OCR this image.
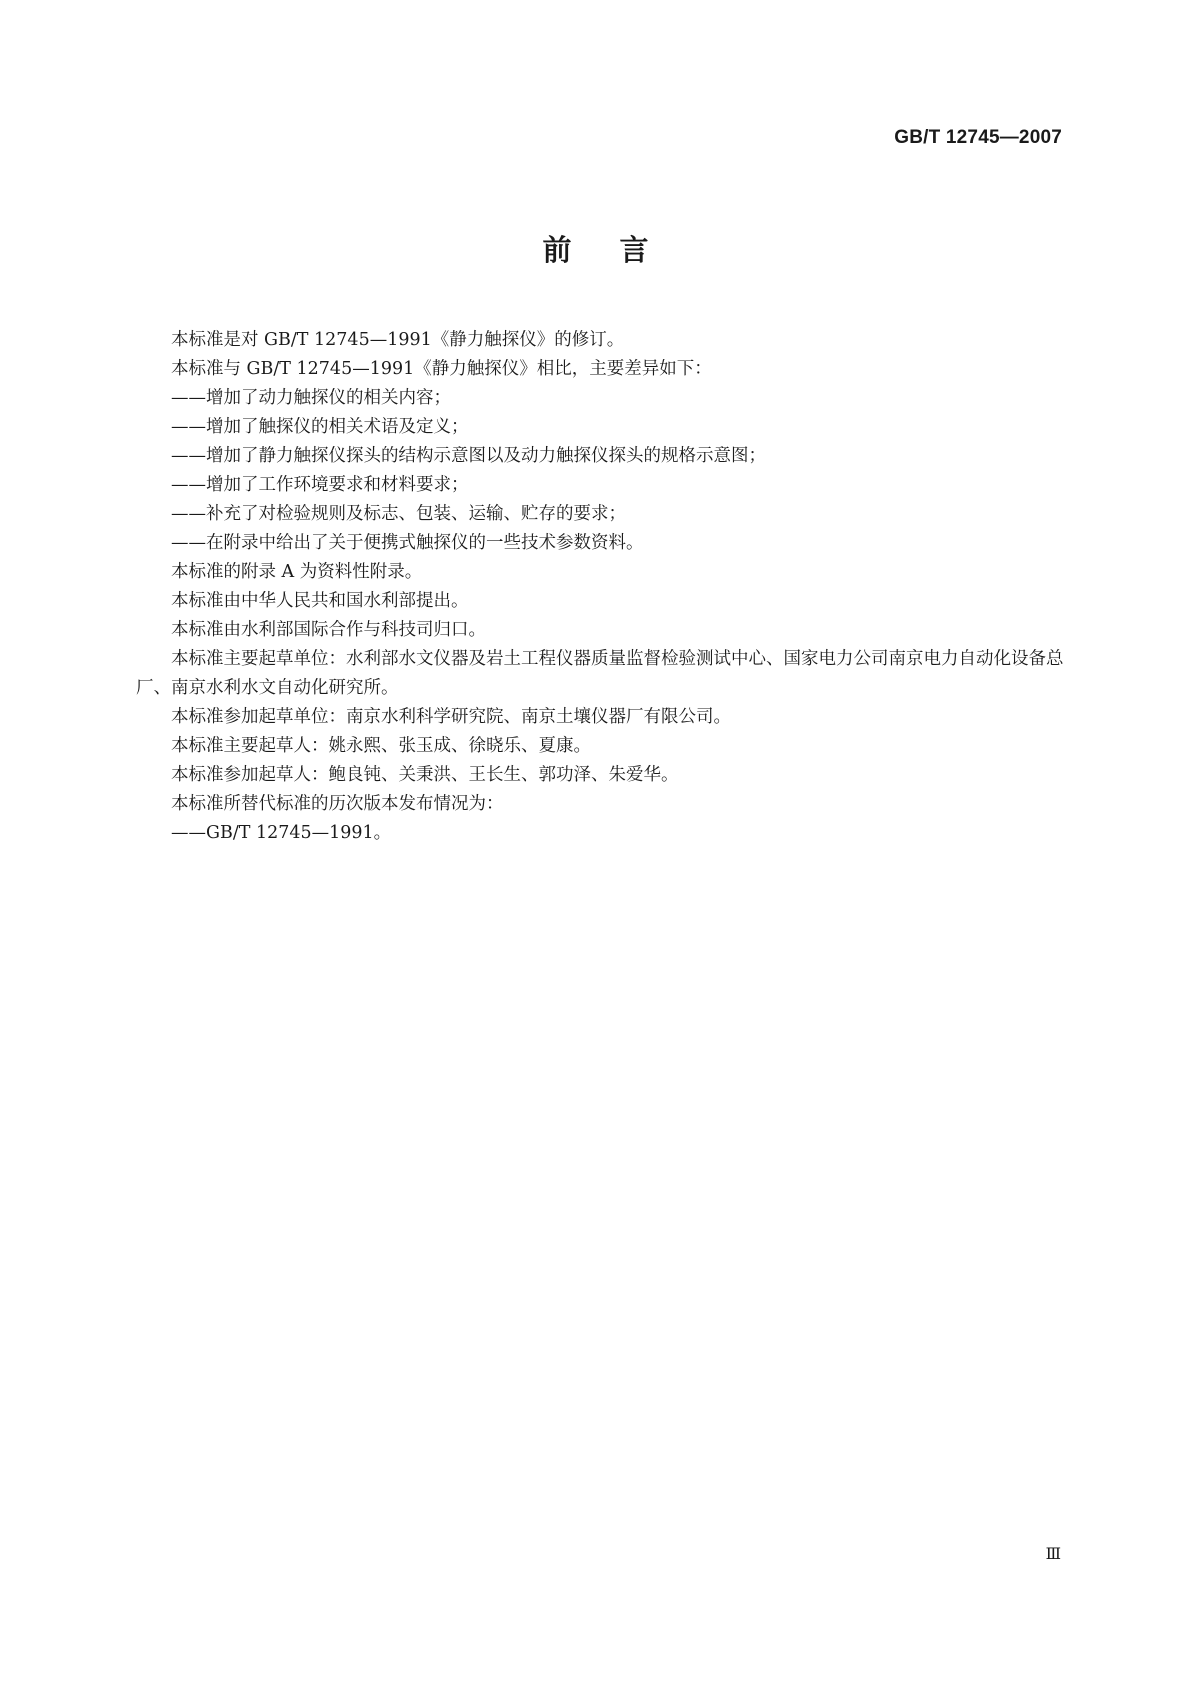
GB/T 12745—2007
前言

本标准是对 GB/T 12745—1991《静力触探仪》的修订。

本标准与 GB/T 12745—1991《静力触探仪》相比，主要差异如下：

——增加了动力触探仪的相关内容；

——增加了触探仪的相关术语及定义；

——增加了静力触探仪探头的结构示意图以及动力触探仪探头的规格示意图；

——增加了工作环境要求和材料要求；

——补充了对检验规则及标志、包装、运输、贮存的要求；

——在附录中给出了关于便携式触探仪的一些技术参数资料。

本标准的附录 A 为资料性附录。

本标准由中华人民共和国水利部提出。

本标准由水利部国际合作与科技司归口。

本标准主要起草单位：水利部水文仪器及岩土工程仪器质量监督检验测试中心、国家电力公司南京电力自动化设备总厂、南京水利水文自动化研究所。

本标准参加起草单位：南京水利科学研究院、南京土壤仪器厂有限公司。

本标准主要起草人：姚永熙、张玉成、徐晓乐、夏康。

本标准参加起草人：鲍良钝、关秉洪、王长生、郭功泽、朱爱华。

本标准所替代标准的历次版本发布情况为：

——GB/T 12745—1991。

Ⅲ
